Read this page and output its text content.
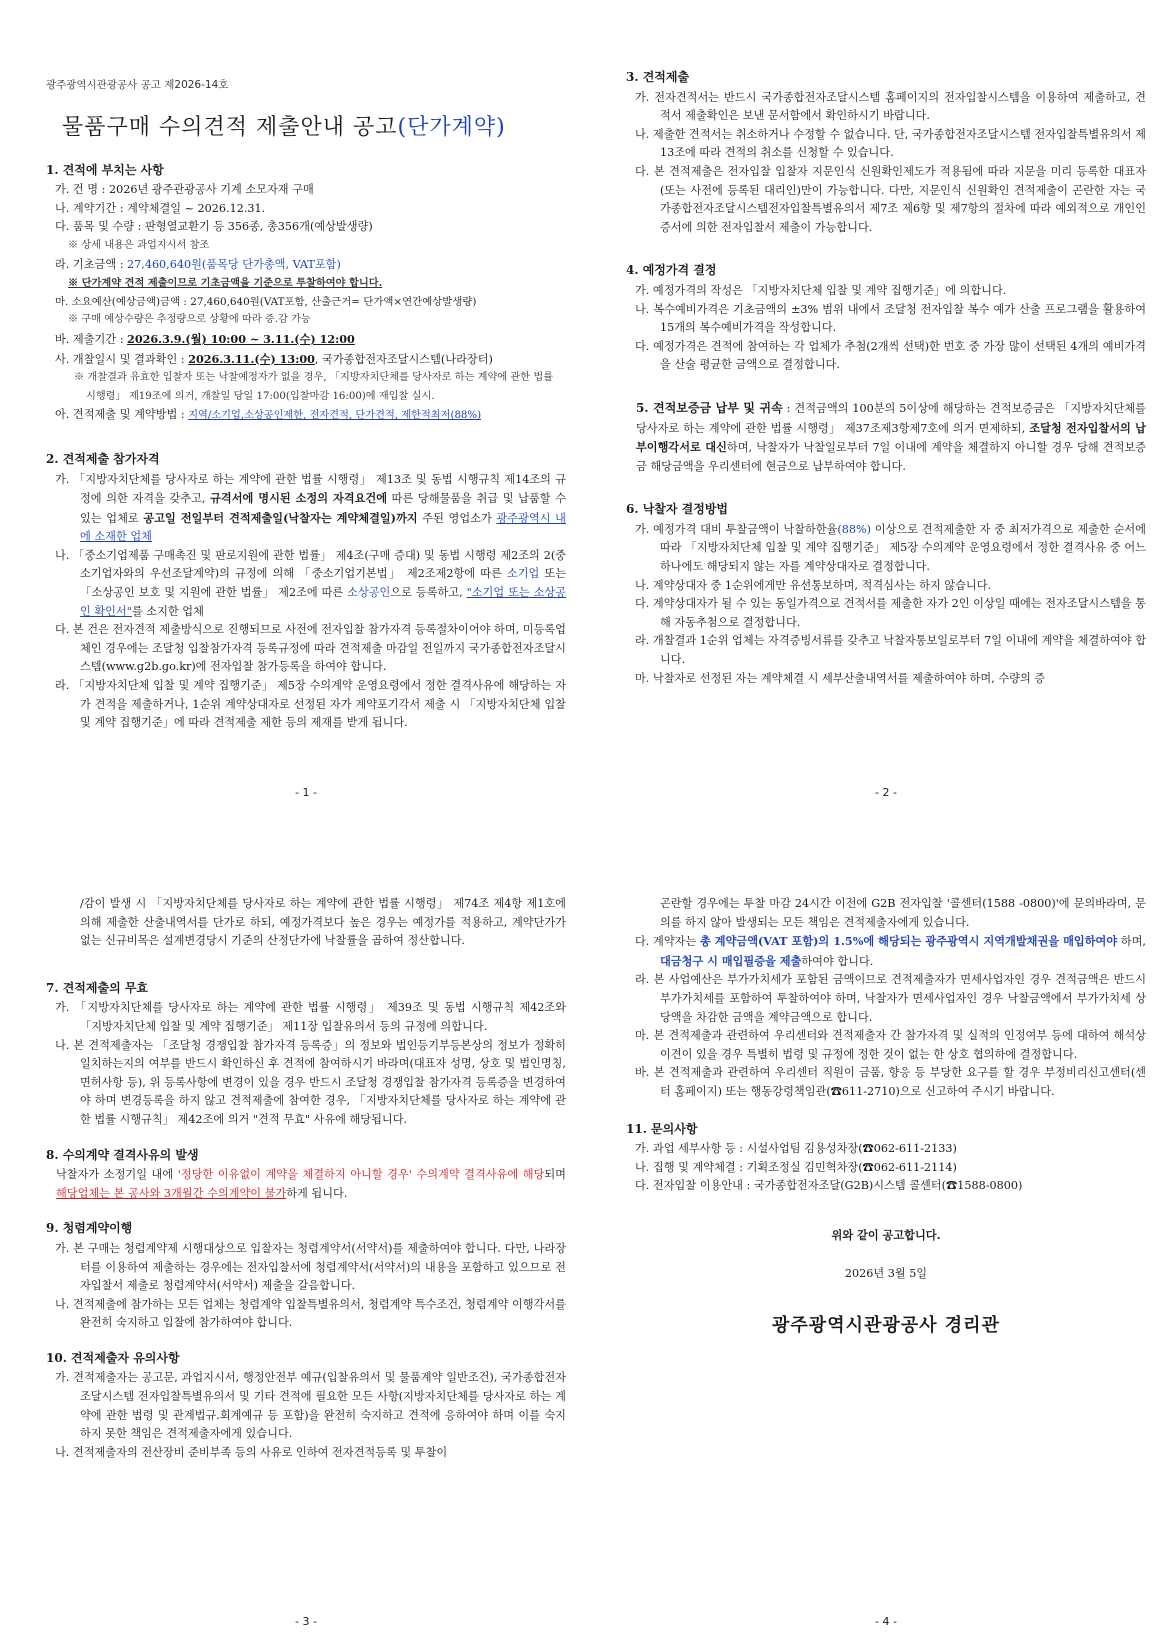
광주광역시관광공사 공고 제2026-14호
물품구매 수의견적 제출안내 공고(단가계약)
1. 견적에 부치는 사항

가. 건 명 : 2026년 광주관광공사 기계 소모자재 구매

나. 계약기간 : 계약체결일 ~ 2026.12.31.

다. 품목 및 수량 : 판형열교환기 등 356종, 총356개(예상발생량)

※ 상세 내용은 과업지시서 참조

라. 기초금액 : 27,460,640원(품목당 단가총액, VAT포함)

※ 단가계약 견적 제출이므로 기초금액을 기준으로 투찰하여야 합니다.

마. 소요예산(예상금액)금액 : 27,460,640원(VAT포함, 산출근거= 단가액×연간예상발생량)

※ 구매 예상수량은 추정량으로 상황에 따라 증.감 가능

바. 제출기간 : 2026.3.9.(월) 10:00 ~ 3.11.(수) 12:00

사. 개찰일시 및 결과확인 : 2026.3.11.(수) 13:00, 국가종합전자조달시스템(나라장터)

※ 개찰결과 유효한 입찰자 또는 낙찰예정자가 없을 경우, 「지방자치단체를 당사자로 하는 계약에 관한 법률 시행령」 제19조에 의거, 개찰일 당일 17:00(입찰마감 16:00)에 재입찰 실시.

아. 견적제출 및 계약방법 : 지역/소기업,소상공인제한, 전자견적, 단가견적, 제한적최저(88%)

2. 견적제출 참가자격

가. 「지방자치단체를 당사자로 하는 계약에 관한 법률 시행령」 제13조 및 동법 시행규칙 제14조의 규정에 의한 자격을 갖추고, 규격서에 명시된 소정의 자격요건에 따른 당해물품을 취급 및 납품할 수 있는 업체로 공고일 전일부터 견적제출일(낙찰자는 계약체결일)까지 주된 영업소가 광주광역시 내에 소재한 업체

나. 「중소기업제품 구매촉진 및 판로지원에 관한 법률」 제4조(구매 증대) 및 동법 시행령 제2조의 2(중소기업자와의 우선조달계약)의 규정에 의해 「중소기업기본법」 제2조제2항에 따른 소기업 또는 「소상공인 보호 및 지원에 관한 법률」 제2조에 따른 소상공인으로 등록하고, "소기업 또는 소상공인 확인서"를 소지한 업체

다. 본 건은 전자견적 제출방식으로 진행되므로 사전에 전자입찰 참가자격 등록절차이어야 하며, 미등록업체인 경우에는 조달청 입찰참가자격 등록규정에 따라 견적제출 마감일 전일까지 국가종합전자조달시스템(www.g2b.go.kr)에 전자입찰 참가등록을 하여야 합니다.

라. 「지방자치단체 입찰 및 계약 집행기준」 제5장 수의계약 운영요령에서 정한 결격사유에 해당하는 자가 견적을 제출하거나, 1순위 계약상대자로 선정된 자가 계약포기각서 제출 시 「지방자치단체 입찰 및 계약 집행기준」에 따라 견적제출 제한 등의 제재를 받게 됩니다.

- 1 -
3. 견적제출

가. 전자견적서는 반드시 국가종합전자조달시스템 홈페이지의 전자입찰시스템을 이용하여 제출하고, 견적서 제출확인은 보낸 문서함에서 확인하시기 바랍니다.

나. 제출한 견적서는 취소하거나 수정할 수 없습니다. 단, 국가종합전자조달시스템 전자입찰특별유의서 제13조에 따라 견적의 취소를 신청할 수 있습니다.

다. 본 견적제출은 전자입찰 입찰자 지문인식 신원확인제도가 적용됨에 따라 지문을 미리 등록한 대표자(또는 사전에 등록된 대리인)만이 가능합니다. 다만, 지문인식 신원확인 견적제출이 곤란한 자는 국가종합전자조달시스템전자입찰특별유의서 제7조 제6항 및 제7항의 절차에 따라 예외적으로 개인인증서에 의한 전자입찰서 제출이 가능합니다.

4. 예정가격 결정

가. 예정가격의 작성은 「지방자치단체 입찰 및 계약 집행기준」에 의합니다.

나. 복수예비가격은 기초금액의 ±3% 범위 내에서 조달청 전자입찰 복수 예가 산출 프로그램을 활용하여 15개의 복수예비가격을 작성합니다.

다. 예정가격은 견적에 참여하는 각 업체가 추첨(2개씩 선택)한 번호 중 가장 많이 선택된 4개의 예비가격을 산술 평균한 금액으로 결정합니다.

5. 견적보증금 납부 및 귀속 : 견적금액의 100분의 5이상에 해당하는 견적보증금은 「지방자치단체를 당사자로 하는 계약에 관한 법률 시행령」 제37조제3항제7호에 의거 면제하되, 조달청 전자입찰서의 납부이행각서로 대신하며, 낙찰자가 낙찰일로부터 7일 이내에 계약을 체결하지 아니할 경우 당해 견적보증금 해당금액을 우리센터에 현금으로 납부하여야 합니다.

6. 낙찰자 결정방법

가. 예정가격 대비 투찰금액이 낙찰하한율(88%) 이상으로 견적제출한 자 중 최저가격으로 제출한 순서에 따라 「지방자치단체 입찰 및 계약 집행기준」 제5장 수의계약 운영요령에서 정한 결격사유 중 어느 하나에도 해당되지 않는 자를 계약상대자로 결정합니다.

나. 계약상대자 중 1순위에게만 유선통보하며, 적격심사는 하지 않습니다.

다. 계약상대자가 될 수 있는 동일가격으로 견적서를 제출한 자가 2인 이상일 때에는 전자조달시스템을 통해 자동추첨으로 결정합니다.

라. 개찰결과 1순위 업체는 자격증빙서류를 갖추고 낙찰자통보일로부터 7일 이내에 계약을 체결하여야 합니다.

마. 낙찰자로 선정된 자는 계약체결 시 세부산출내역서를 제출하여야 하며, 수량의 증

- 2 -

/감이 발생 시 「지방자치단체를 당사자로 하는 계약에 관한 법률 시행령」 제74조 제4항 제1호에 의해 제출한 산출내역서를 단가로 하되, 예정가격보다 높은 경우는 예정가를 적용하고, 계약단가가 없는 신규비목은 설계변경당시 기준의 산정단가에 낙찰률을 곱하여 정산합니다.

7. 견적제출의 무효

가. 「지방자치단체를 당사자로 하는 계약에 관한 법률 시행령」 제39조 및 동법 시행규칙 제42조와 「지방자치단체 입찰 및 계약 집행기준」 제11장 입찰유의서 등의 규정에 의합니다.

나. 본 견적제출자는 「조달청 경쟁입찰 참가자격 등록증」의 정보와 법인등기부등본상의 정보가 정확히 일치하는지의 여부를 반드시 확인하신 후 견적에 참여하시기 바라며(대표자 성명, 상호 및 법인명칭, 면허사항 등), 위 등록사항에 변경이 있을 경우 반드시 조달청 경쟁입찰 참가자격 등록증을 변경하여야 하며 변경등록을 하지 않고 견적제출에 참여한 경우, 「지방자치단체를 당사자로 하는 계약에 관한 법률 시행규칙」 제42조에 의거 "견적 무효" 사유에 해당됩니다.

8. 수의계약 결격사유의 발생

낙찰자가 소정기일 내에 '정당한 이유없이 계약을 체결하지 아니할 경우' 수의계약 결격사유에 해당되며 해당업체는 본 공사와 3개월간 수의계약이 불가하게 됩니다.

9. 청렴계약이행

가. 본 구매는 청렴계약제 시행대상으로 입찰자는 청렴계약서(서약서)를 제출하여야 합니다. 다만, 나라장터를 이용하여 제출하는 경우에는 전자입찰서에 청렴계약서(서약서)의 내용을 포함하고 있으므로 전자입찰서 제출로 청렴계약서(서약서) 제출을 갈음합니다.

나. 견적제출에 참가하는 모든 업체는 청렴계약 입찰특별유의서, 청렴계약 특수조건, 청렴계약 이행각서를 완전히 숙지하고 입찰에 참가하여야 합니다.

10. 견적제출자 유의사항

가. 견적제출자는 공고문, 과업지시서, 행정안전부 예규(입찰유의서 및 물품계약 일반조건), 국가종합전자조달시스템 전자입찰특별유의서 및 기타 견적에 필요한 모든 사항(지방자치단체를 당사자로 하는 계약에 관한 법령 및 관계법규.회계예규 등 포함)을 완전히 숙지하고 견적에 응하여야 하며 이를 숙지하지 못한 책임은 견적제출자에게 있습니다.

나. 견적제출자의 전산장비 준비부족 등의 사유로 인하여 전자견적등록 및 투찰이

- 3 -

곤란할 경우에는 투찰 마감 24시간 이전에 G2B 전자입찰 '콜센터(1588 -0800)'에 문의바라며, 문의를 하지 않아 발생되는 모든 책임은 견적제출자에게 있습니다.

다. 계약자는 총 계약금액(VAT 포함)의 1.5%에 해당되는 광주광역시 지역개발채권을 매입하여야 하며, 대금청구 시 매입필증을 제출하여야 합니다.

라. 본 사업예산은 부가가치세가 포함된 금액이므로 견적제출자가 면세사업자인 경우 견적금액은 반드시 부가가치세를 포함하여 투찰하여야 하며, 낙찰자가 면세사업자인 경우 낙찰금액에서 부가가치세 상당액을 차감한 금액을 계약금액으로 합니다.

마. 본 견적제출과 관련하여 우리센터와 견적제출자 간 참가자격 및 실적의 인정여부 등에 대하여 해석상 이견이 있을 경우 특별히 법령 및 규정에 정한 것이 없는 한 상호 협의하에 결정합니다.

바. 본 견적제출과 관련하여 우리센터 직원이 금품, 향응 등 부당한 요구를 할 경우 부정비리신고센터(센터 홈페이지) 또는 행동강령책임관(☎611-2710)으로 신고하여 주시기 바랍니다.

11. 문의사항

가. 과업 세부사항 등 : 시설사업팀 김용성차장(☎062-611-2133)

나. 집행 및 계약체결 : 기획조정실 김민혁차장(☎062-611-2114)

다. 전자입찰 이용안내 : 국가종합전자조달(G2B)시스템 콜센터(☎1588-0800)

위와 같이 공고합니다.
2026년 3월 5일
광주광역시관광공사 경리관
- 4 -
